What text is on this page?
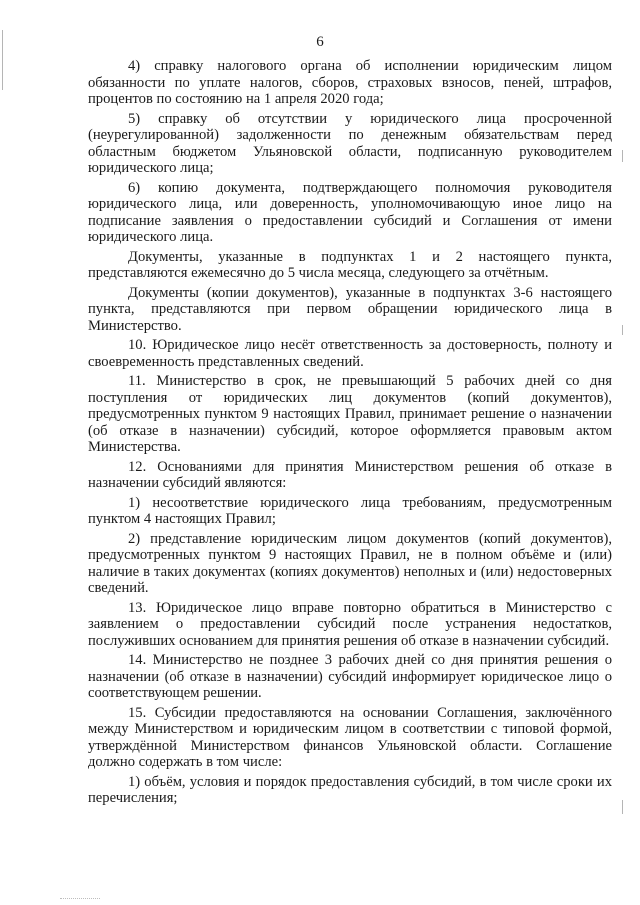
6

4) справку налогового органа об исполнении юридическим лицом обязанности по уплате налогов, сборов, страховых взносов, пеней, штрафов, процентов по состоянию на 1 апреля 2020 года;

5) справку об отсутствии у юридического лица просроченной (неурегулированной) задолженности по денежным обязательствам перед областным бюджетом Ульяновской области, подписанную руководителем юридического лица;

6) копию документа, подтверждающего полномочия руководителя юридического лица, или доверенность, уполномочивающую иное лицо на подписание заявления о предоставлении субсидий и Соглашения от имени юридического лица.

Документы, указанные в подпунктах 1 и 2 настоящего пункта, представляются ежемесячно до 5 числа месяца, следующего за отчётным.

Документы (копии документов), указанные в подпунктах 3-6 настоящего пункта, представляются при первом обращении юридического лица в Министерство.

10. Юридическое лицо несёт ответственность за достоверность, полноту и своевременность представленных сведений.

11. Министерство в срок, не превышающий 5 рабочих дней со дня поступления от юридических лиц документов (копий документов), предусмотренных пунктом 9 настоящих Правил, принимает решение о назначении (об отказе в назначении) субсидий, которое оформляется правовым актом Министерства.

12. Основаниями для принятия Министерством решения об отказе в назначении субсидий являются:

1) несоответствие юридического лица требованиям, предусмотренным пунктом 4 настоящих Правил;

2) представление юридическим лицом документов (копий документов), предусмотренных пунктом 9 настоящих Правил, не в полном объёме и (или) наличие в таких документах (копиях документов) неполных и (или) недостоверных сведений.

13. Юридическое лицо вправе повторно обратиться в Министерство с заявлением о предоставлении субсидий после устранения недостатков, послуживших основанием для принятия решения об отказе в назначении субсидий.

14. Министерство не позднее 3 рабочих дней со дня принятия решения о назначении (об отказе в назначении) субсидий информирует юридическое лицо о соответствующем решении.

15. Субсидии предоставляются на основании Соглашения, заключённого между Министерством и юридическим лицом в соответствии с типовой формой, утверждённой Министерством финансов Ульяновской области. Соглашение должно содержать в том числе:

1) объём, условия и порядок предоставления субсидий, в том числе сроки их перечисления;
